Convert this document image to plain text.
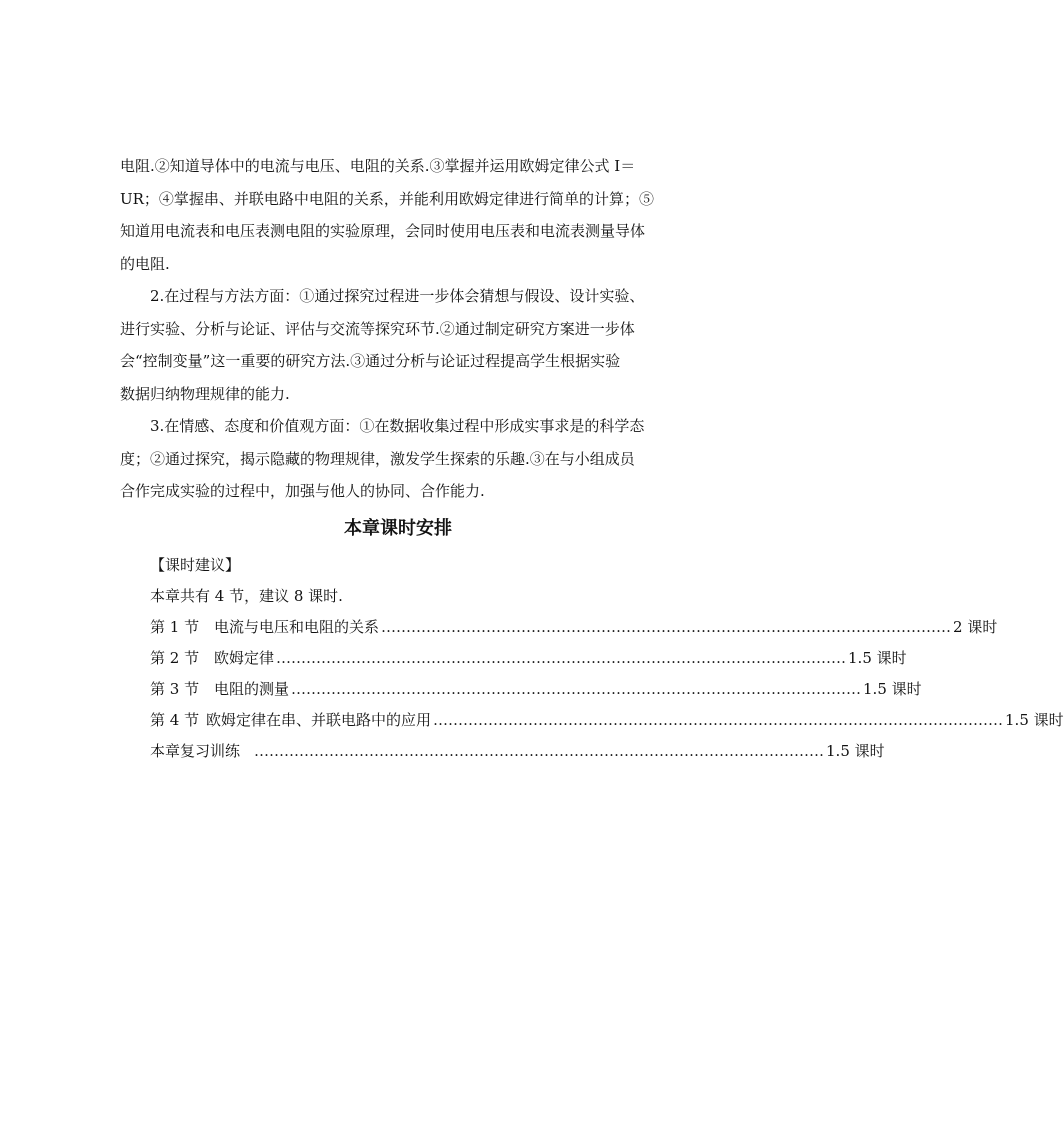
电阻.②知道导体中的电流与电压、电阻的关系.③掌握并运用欧姆定律公式 I＝
UR；④掌握串、并联电路中电阻的关系，并能利用欧姆定律进行简单的计算；⑤
知道用电流表和电压表测电阻的实验原理，会同时使用电压表和电流表测量导体
的电阻.

2.在过程与方法方面：①通过探究过程进一步体会猜想与假设、设计实验、
进行实验、分析与论证、评估与交流等探究环节.②通过制定研究方案进一步体
会“控制变量”这一重要的研究方法.③通过分析与论证过程提高学生根据实验
数据归纳物理规律的能力.

3.在情感、态度和价值观方面：①在数据收集过程中形成实事求是的科学态
度；②通过探究，揭示隐藏的物理规律，激发学生探索的乐趣.③在与小组成员
合作完成实验的过程中，加强与他人的协同、合作能力.

本章课时安排
【课时建议】
本章共有 4 节，建议 8 课时.
第 1 节 电流与电压和电阻的关系 …………………………………………………………………………………………………… 2 课时
第 2 节 欧姆定律 …………………………………………………………………………………………………… 1.5 课时
第 3 节 电阻的测量 …………………………………………………………………………………………………… 1.5 课时
第 4 节 欧姆定律在串、并联电路中的应用 …………………………………………………………………………………………………… 1.5 课时
本章复习训练 …………………………………………………………………………………………………… 1.5 课时
